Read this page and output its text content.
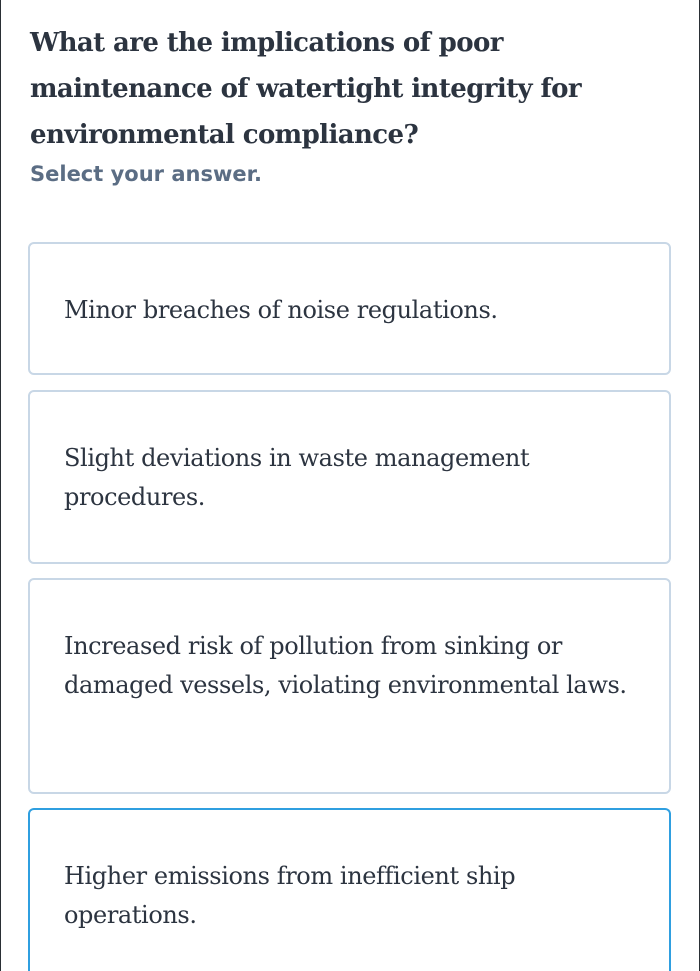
What are the implications of poor maintenance of watertight integrity for environmental compliance?

Select your answer.

Minor breaches of noise regulations.
Slight deviations in waste management procedures.
Increased risk of pollution from sinking or damaged vessels, violating environmental laws.
Higher emissions from inefficient ship operations.
